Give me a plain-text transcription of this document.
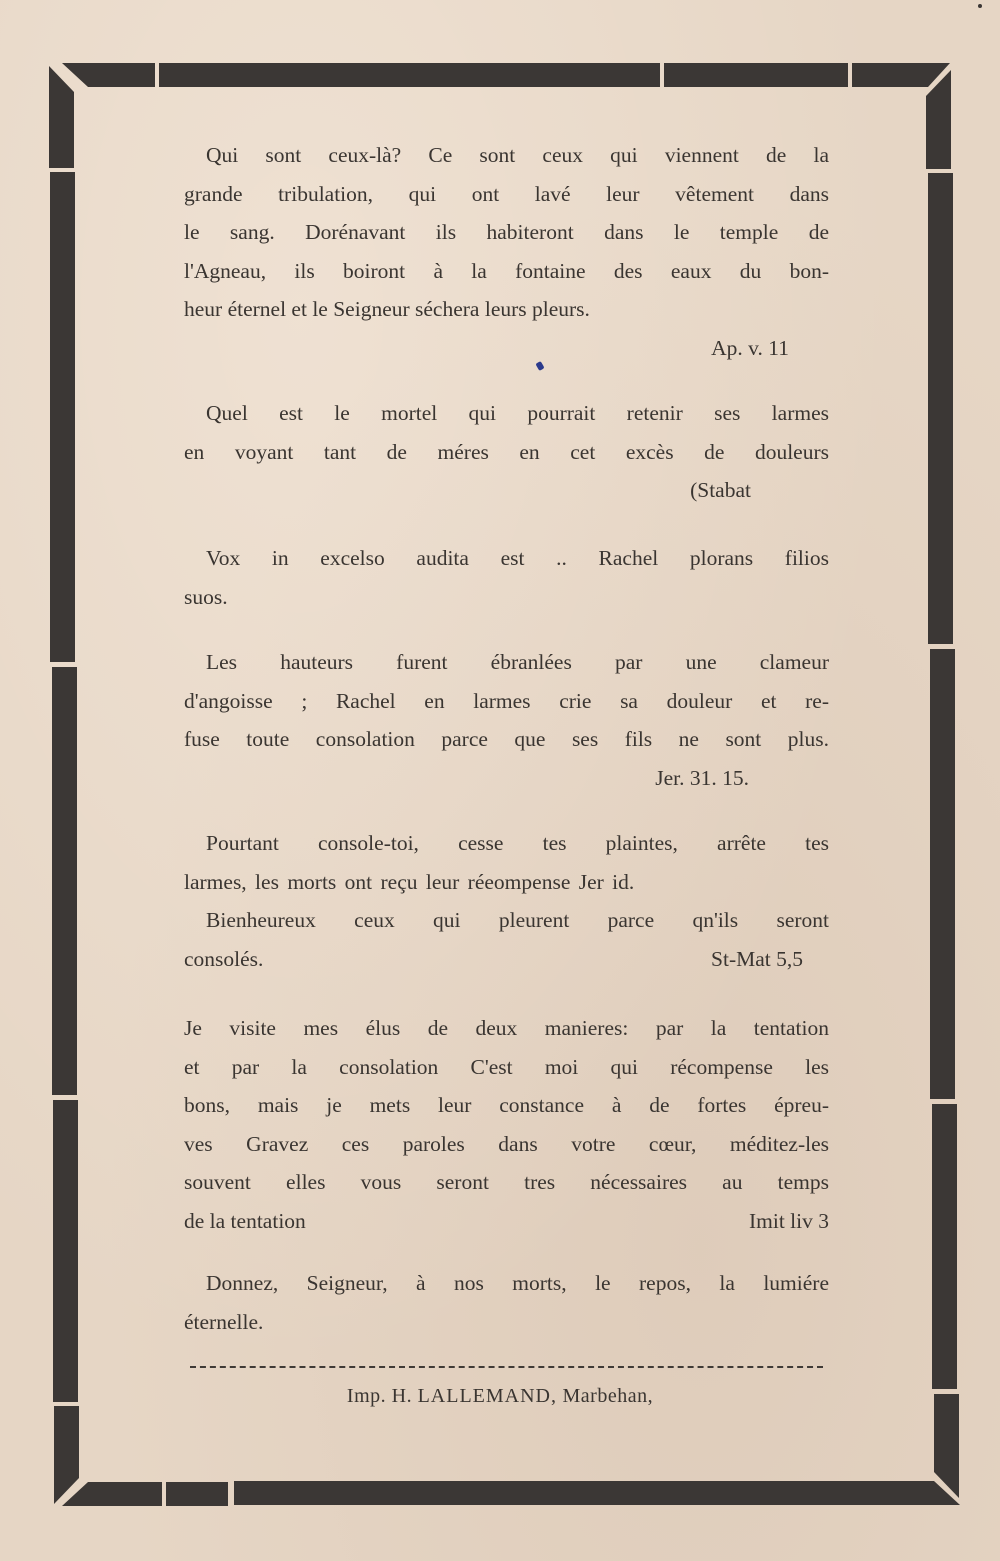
Qui sont ceux-là? Ce sont ceux qui viennent de la
grande tribulation, qui ont lavé leur vêtement dans
le sang. Dorénavant ils habiteront dans le temple de
l'Agneau, ils boiront à la fontaine des eaux du bon-
heur éternel et le Seigneur séchera leurs pleurs.
Ap. v. 11
Quel est le mortel qui pourrait retenir ses larmes
en voyant tant de méres en cet excès de douleurs
(Stabat
Vox in excelso audita est .. Rachel plorans filios
suos.
Les hauteurs furent ébranlées par une clameur
d'angoisse ; Rachel en larmes crie sa douleur et re-
fuse toute consolation parce que ses fils ne sont plus.
Jer. 31. 15.
Pourtant console-toi, cesse tes plaintes, arrête tes
larmes, les morts ont reçu leur réeompense Jer id.
Bienheureux ceux qui pleurent parce qn'ils seront
consolés.	St-Mat 5,5
Je visite mes élus de deux manieres: par la tentation
et par la consolation C'est moi qui récompense les
bons, mais je mets leur constance à de fortes épreu-
ves Gravez ces paroles dans votre cœur, méditez-les
souvent elles vous seront tres nécessaires au temps
de la tentation	Imit liv 3
Donnez, Seigneur, à nos morts, le repos, la lumiére
éternelle.
Imp. H. LALLEMAND, Marbehan,
